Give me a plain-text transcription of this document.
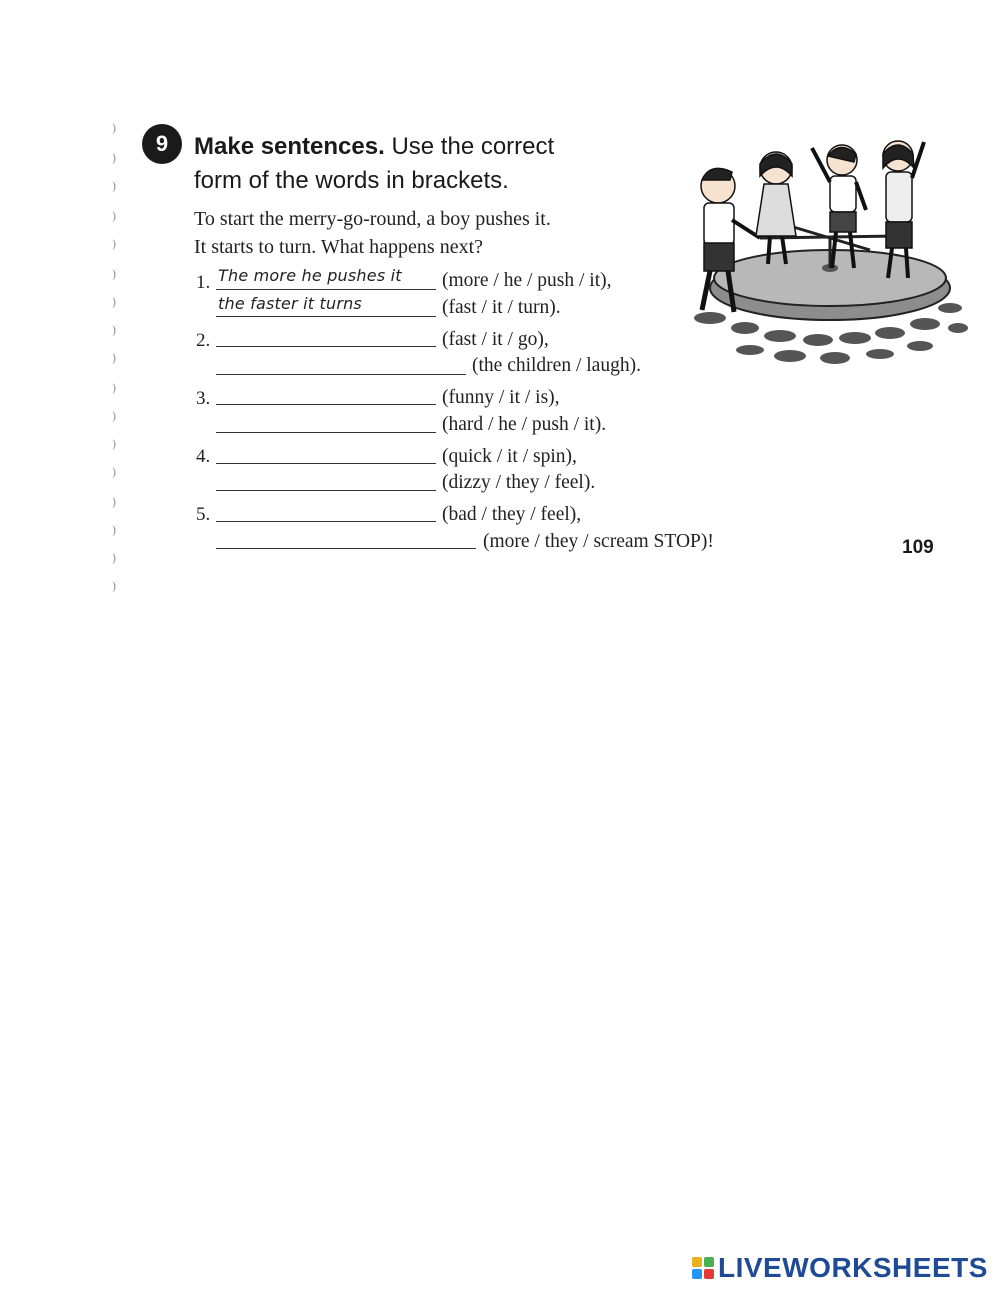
)
)
)
)
)
)
)
)
)
)
)
)
)
)
)
)
)
9	Make sentences. Use the correct
form of the words in brackets.
To start the merry-go-round, a boy pushes it.
It starts to turn. What happens next?
1. The more he pushes it (more / he / push / it),
the faster it turns	(fast / it / turn).
2.	(fast / it / go),
(the children / laugh).
3.	(funny / it / is),
(hard / he / push / it).
4.	(quick / it / spin),
(dizzy / they / feel).
5.	(bad / they / feel),
(more / they / scream STOP)!	109
LIVEWORKSHEETS
